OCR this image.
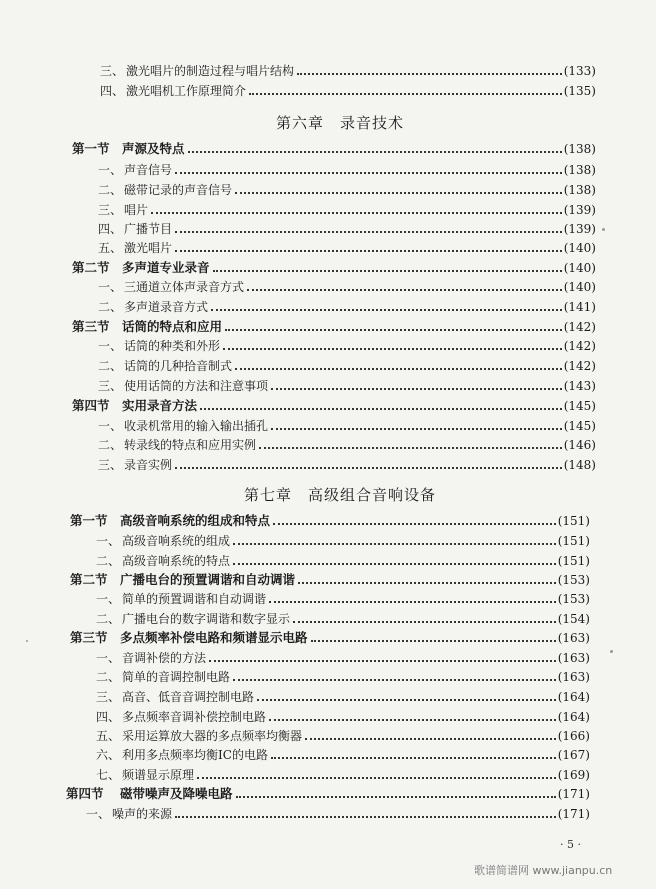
三、 激光唱片的制造过程与唱片结构	(133)
四、 激光唱机工作原理简介	(135)
第六章　录音技术
第一节 声源及特点	(138)
一、 声音信号	(138)
二、 磁带记录的声音信号	(138)
三、 唱片	(139)
四、 广播节目	(139)
五、 激光唱片	(140)
第二节 多声道专业录音	(140)
一、 三通道立体声录音方式	(140)
二、 多声道录音方式	(141)
第三节 话筒的特点和应用	(142)
一、 话筒的种类和外形	(142)
二、 话筒的几种拾音制式	(142)
三、 使用话筒的方法和注意事项	(143)
第四节 实用录音方法	(145)
一、 收录机常用的输入输出插孔	(145)
二、 转录线的特点和应用实例	(146)
三、 录音实例	(148)
第七章　高级组合音响设备
第一节 高级音响系统的组成和特点	(151)
一、 高级音响系统的组成	(151)
二、 高级音响系统的特点	(151)
第二节 广播电台的预置调谐和自动调谐	(153)
一、 简单的预置调谐和自动调谐	(153)
二、 广播电台的数字调谐和数字显示	(154)
第三节 多点频率补偿电路和频谱显示电路	(163)
一、 音调补偿的方法	(163)
二、 简单的音调控制电路	(163)
三、 高音、低音音调控制电路	(164)
四、 多点频率音调补偿控制电路	(164)
五、 采用运算放大器的多点频率均衡器	(166)
六、 利用多点频率均衡IC的电路	(167)
七、 频谱显示原理	(169)
第四节	磁带噪声及降噪电路	(171)
一、 噪声的来源	(171)
· 5 ·
歌谱简谱网 www.jianpu.cn
